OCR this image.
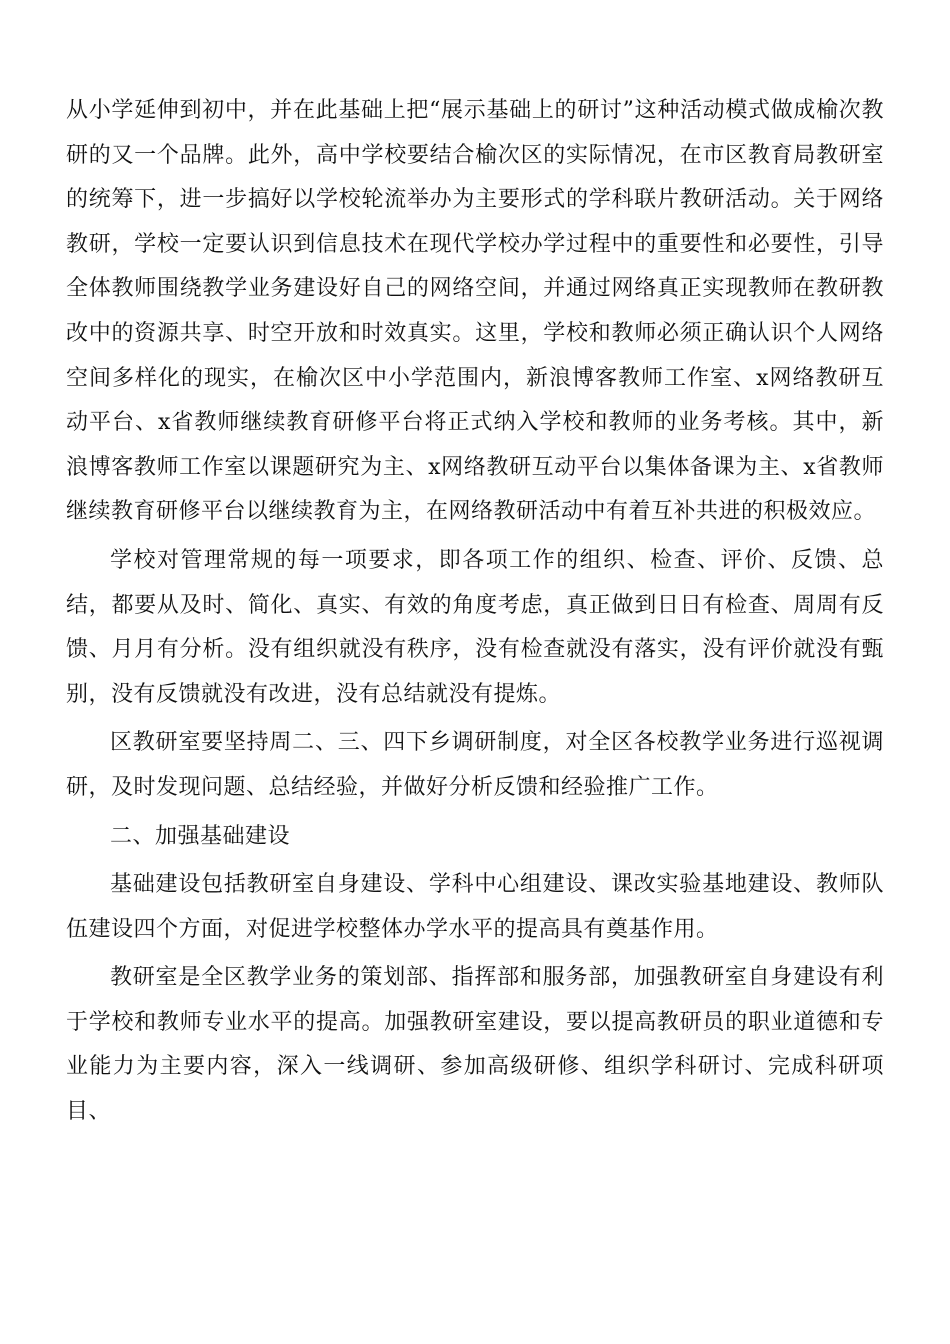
从小学延伸到初中，并在此基础上把“展示基础上的研讨”这种活动模式做成榆次教研的又一个品牌。此外，高中学校要结合榆次区的实际情况，在市区教育局教研室的统筹下，进一步搞好以学校轮流举办为主要形式的学科联片教研活动。关于网络教研，学校一定要认识到信息技术在现代学校办学过程中的重要性和必要性，引导全体教师围绕教学业务建设好自己的网络空间，并通过网络真正实现教师在教研教改中的资源共享、时空开放和时效真实。这里，学校和教师必须正确认识个人网络空间多样化的现实，在榆次区中小学范围内，新浪博客教师工作室、x网络教研互动平台、x省教师继续教育研修平台将正式纳入学校和教师的业务考核。其中，新浪博客教师工作室以课题研究为主、x网络教研互动平台以集体备课为主、x省教师继续教育研修平台以继续教育为主，在网络教研活动中有着互补共进的积极效应。

学校对管理常规的每一项要求，即各项工作的组织、检查、评价、反馈、总结，都要从及时、简化、真实、有效的角度考虑，真正做到日日有检查、周周有反馈、月月有分析。没有组织就没有秩序，没有检查就没有落实，没有评价就没有甄别，没有反馈就没有改进，没有总结就没有提炼。

区教研室要坚持周二、三、四下乡调研制度，对全区各校教学业务进行巡视调研，及时发现问题、总结经验，并做好分析反馈和经验推广工作。

二、加强基础建设

基础建设包括教研室自身建设、学科中心组建设、课改实验基地建设、教师队伍建设四个方面，对促进学校整体办学水平的提高具有奠基作用。

教研室是全区教学业务的策划部、指挥部和服务部，加强教研室自身建设有利于学校和教师专业水平的提高。加强教研室建设，要以提高教研员的职业道德和专业能力为主要内容，深入一线调研、参加高级研修、组织学科研讨、完成科研项目、
